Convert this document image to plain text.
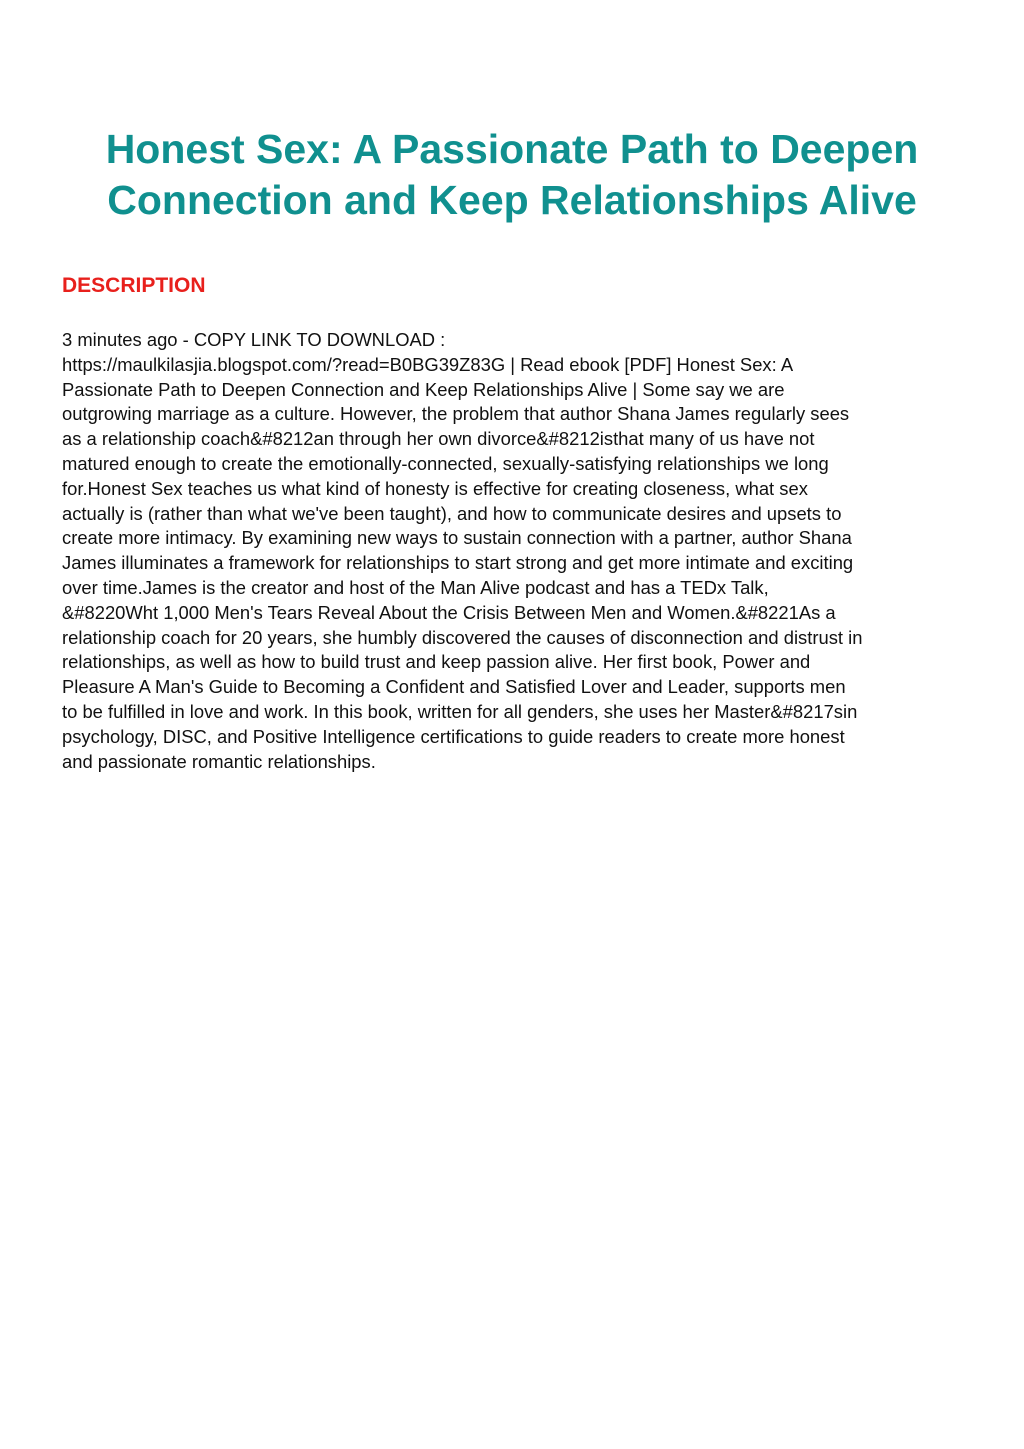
Honest Sex: A Passionate Path to Deepen Connection and Keep Relationships Alive
DESCRIPTION

3 minutes ago - COPY LINK TO DOWNLOAD :
https://maulkilasjia.blogspot.com/?read=B0BG39Z83G | Read ebook [PDF] Honest Sex: A
Passionate Path to Deepen Connection and Keep Relationships Alive | Some say we are
outgrowing marriage as a culture. However, the problem that author Shana James regularly sees
as a relationship coach&#8212an through her own divorce&#8212isthat many of us have not
matured enough to create the emotionally-connected, sexually-satisfying relationships we long
for.Honest Sex teaches us what kind of honesty is effective for creating closeness, what sex
actually is (rather than what we've been taught), and how to communicate desires and upsets to
create more intimacy. By examining new ways to sustain connection with a partner, author Shana
James illuminates a framework for relationships to start strong and get more intimate and exciting
over time.James is the creator and host of the Man Alive podcast and has a TEDx Talk,
&#8220Wht 1,000 Men's Tears Reveal About the Crisis Between Men and Women.&#8221As a
relationship coach for 20 years, she humbly discovered the causes of disconnection and distrust in
relationships, as well as how to build trust and keep passion alive. Her first book, Power and
Pleasure A Man's Guide to Becoming a Confident and Satisfied Lover and Leader, supports men
to be fulfilled in love and work. In this book, written for all genders, she uses her Master&#8217sin
psychology, DISC, and Positive Intelligence certifications to guide readers to create more honest
and passionate romantic relationships.
